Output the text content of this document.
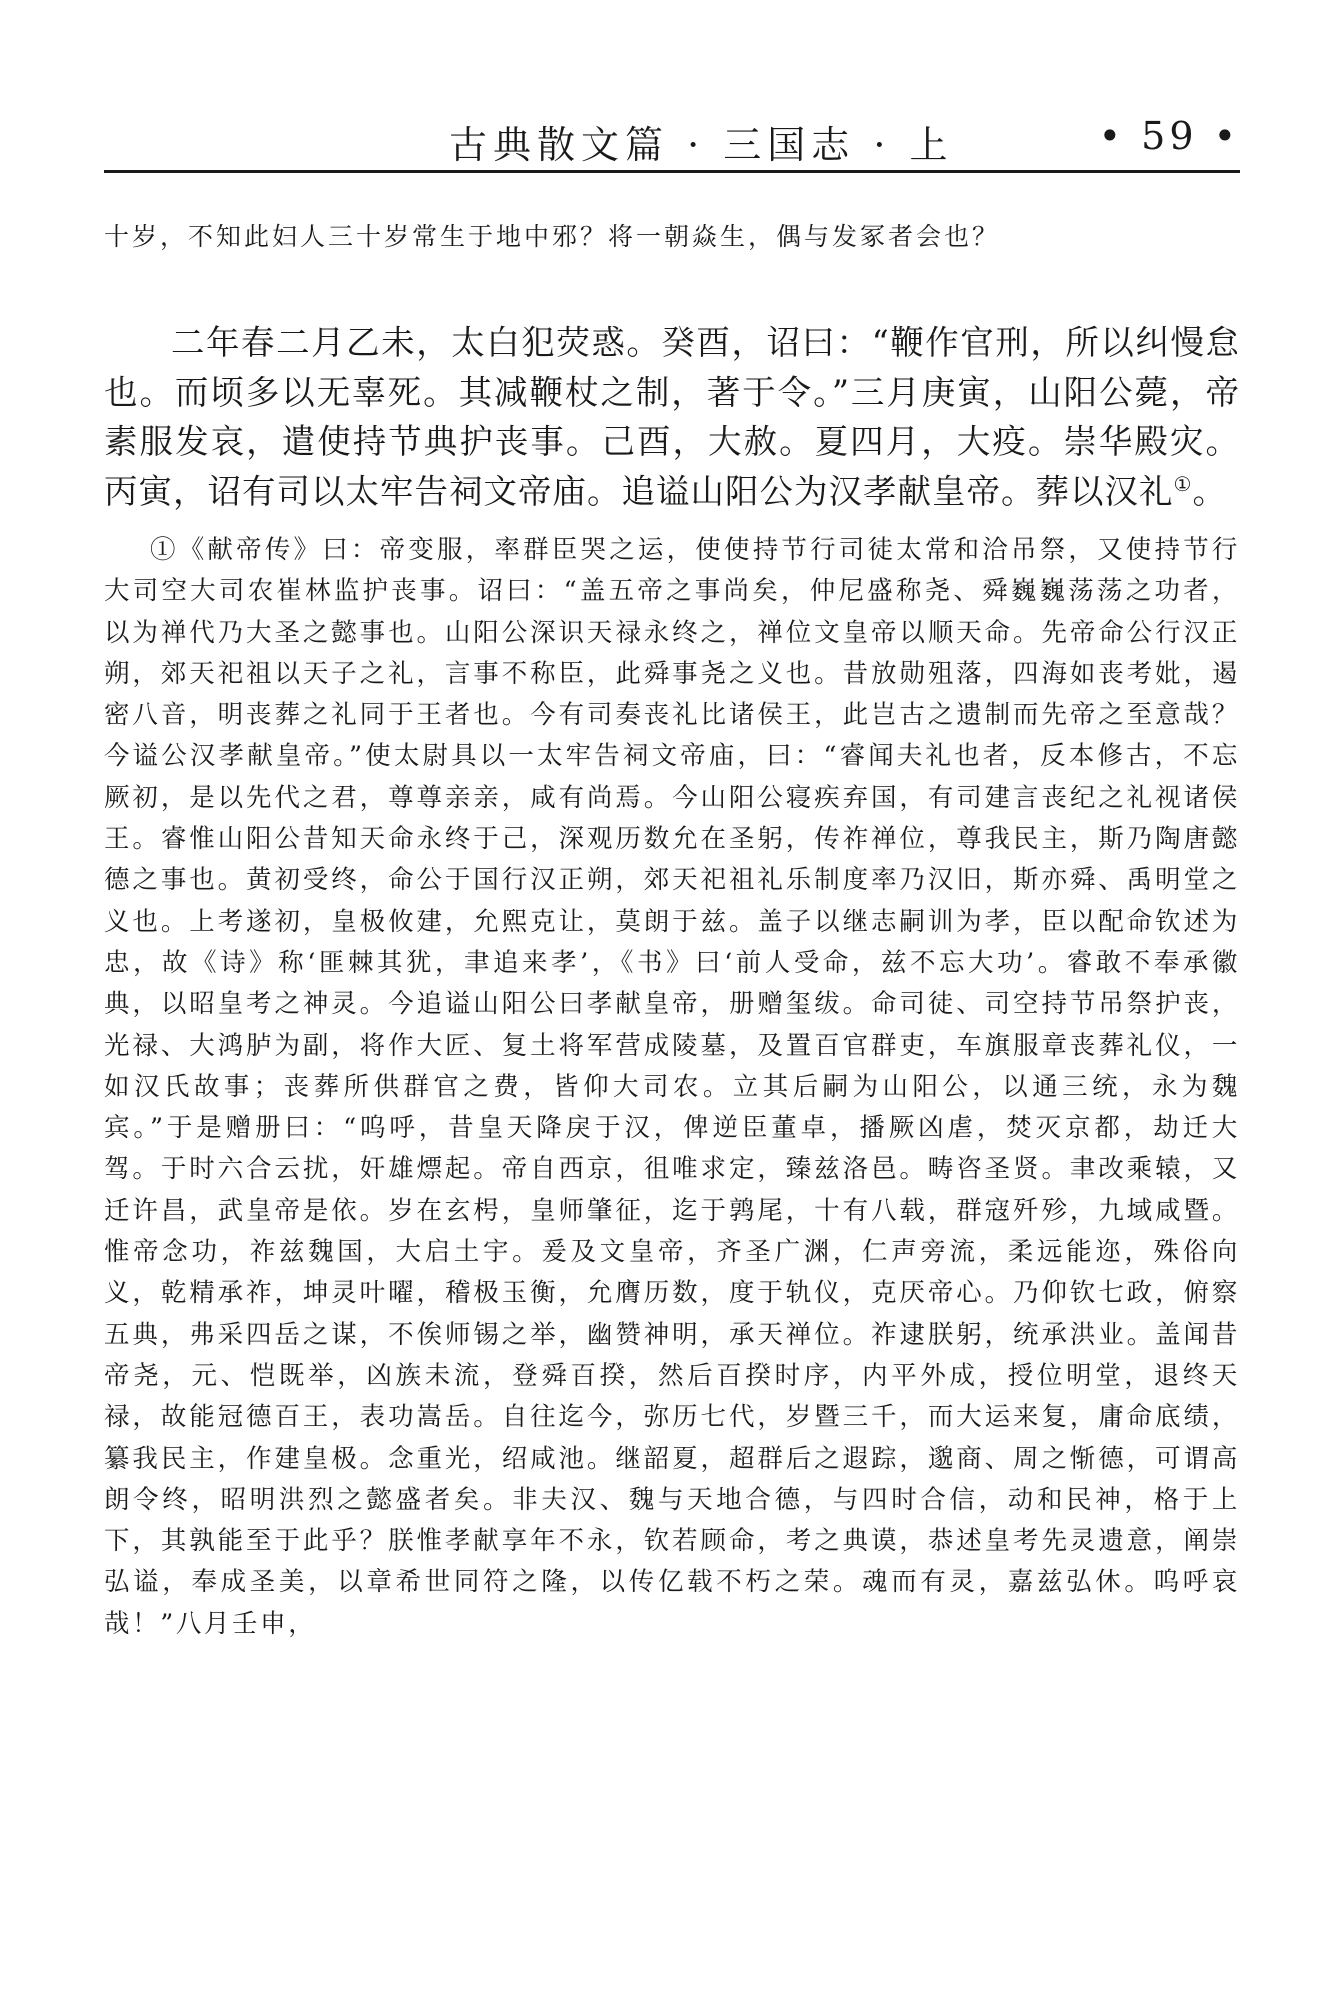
古典散文篇 · 三国志 · 上	• 59 •
十岁，不知此妇人三十岁常生于地中邪？将一朝焱生，偶与发冢者会也？

二年春二月乙未，太白犯荧惑。癸酉，诏曰：“鞭作官刑，所以纠慢怠也。而顷多以无辜死。其减鞭杖之制，著于令。”三月庚寅，山阳公薨，帝素服发哀，遣使持节典护丧事。己酉，大赦。夏四月，大疫。崇华殿灾。丙寅，诏有司以太牢告祠文帝庙。追谥山阳公为汉孝献皇帝。葬以汉礼①。

①《献帝传》曰：帝变服，率群臣哭之运，使使持节行司徒太常和洽吊祭，又使持节行大司空大司农崔林监护丧事。诏曰：“盖五帝之事尚矣，仲尼盛称尧、舜巍巍荡荡之功者，以为禅代乃大圣之懿事也。山阳公深识天禄永终之，禅位文皇帝以顺天命。先帝命公行汉正朔，郊天祀祖以天子之礼，言事不称臣，此舜事尧之义也。昔放勋殂落，四海如丧考妣，遏密八音，明丧葬之礼同于王者也。今有司奏丧礼比诸侯王，此岂古之遗制而先帝之至意哉？今谥公汉孝献皇帝。”使太尉具以一太牢告祠文帝庙，曰：“睿闻夫礼也者，反本修古，不忘厥初，是以先代之君，尊尊亲亲，咸有尚焉。今山阳公寝疾弃国，有司建言丧纪之礼视诸侯王。睿惟山阳公昔知天命永终于己，深观历数允在圣躬，传祚禅位，尊我民主，斯乃陶唐懿德之事也。黄初受终，命公于国行汉正朔，郊天祀祖礼乐制度率乃汉旧，斯亦舜、禹明堂之义也。上考遂初，皇极攸建，允熙克让，莫朗于兹。盖子以继志嗣训为孝，臣以配命钦述为忠，故《诗》称‘匪棘其犹，聿追来孝’，《书》曰‘前人受命，兹不忘大功’。睿敢不奉承徽典，以昭皇考之神灵。今追谥山阳公曰孝献皇帝，册赠玺绂。命司徒、司空持节吊祭护丧，光禄、大鸿胪为副，将作大匠、复土将军营成陵墓，及置百官群吏，车旗服章丧葬礼仪，一如汉氏故事；丧葬所供群官之费，皆仰大司农。立其后嗣为山阳公，以通三统，永为魏宾。”于是赠册曰：“呜呼，昔皇天降戾于汉，俾逆臣董卓，播厥凶虐，焚灭京都，劫迁大驾。于时六合云扰，奸雄熛起。帝自西京，徂唯求定，臻兹洛邑。畴咨圣贤。聿改乘辕，又迁许昌，武皇帝是依。岁在玄枵，皇师肇征，迄于鹑尾，十有八载，群寇歼殄，九域咸暨。惟帝念功，祚兹魏国，大启土宇。爰及文皇帝，齐圣广渊，仁声旁流，柔远能迩，殊俗向义，乾精承祚，坤灵叶曜，稽极玉衡，允膺历数，度于轨仪，克厌帝心。乃仰钦七政，俯察五典，弗采四岳之谋，不俟师锡之举，幽赞神明，承天禅位。祚逮朕躬，统承洪业。盖闻昔帝尧，元、恺既举，凶族未流，登舜百揆，然后百揆时序，内平外成，授位明堂，退终天禄，故能冠德百王，表功嵩岳。自往迄今，弥历七代，岁暨三千，而大运来复，庸命底绩，纂我民主，作建皇极。念重光，绍咸池。继韶夏，超群后之遐踪，邈商、周之惭德，可谓高朗令终，昭明洪烈之懿盛者矣。非夫汉、魏与天地合德，与四时合信，动和民神，格于上下，其孰能至于此乎？朕惟孝献享年不永，钦若顾命，考之典谟，恭述皇考先灵遗意，阐崇弘谥，奉成圣美，以章希世同符之隆，以传亿载不朽之荣。魂而有灵，嘉兹弘休。呜呼哀哉！”八月壬申，
